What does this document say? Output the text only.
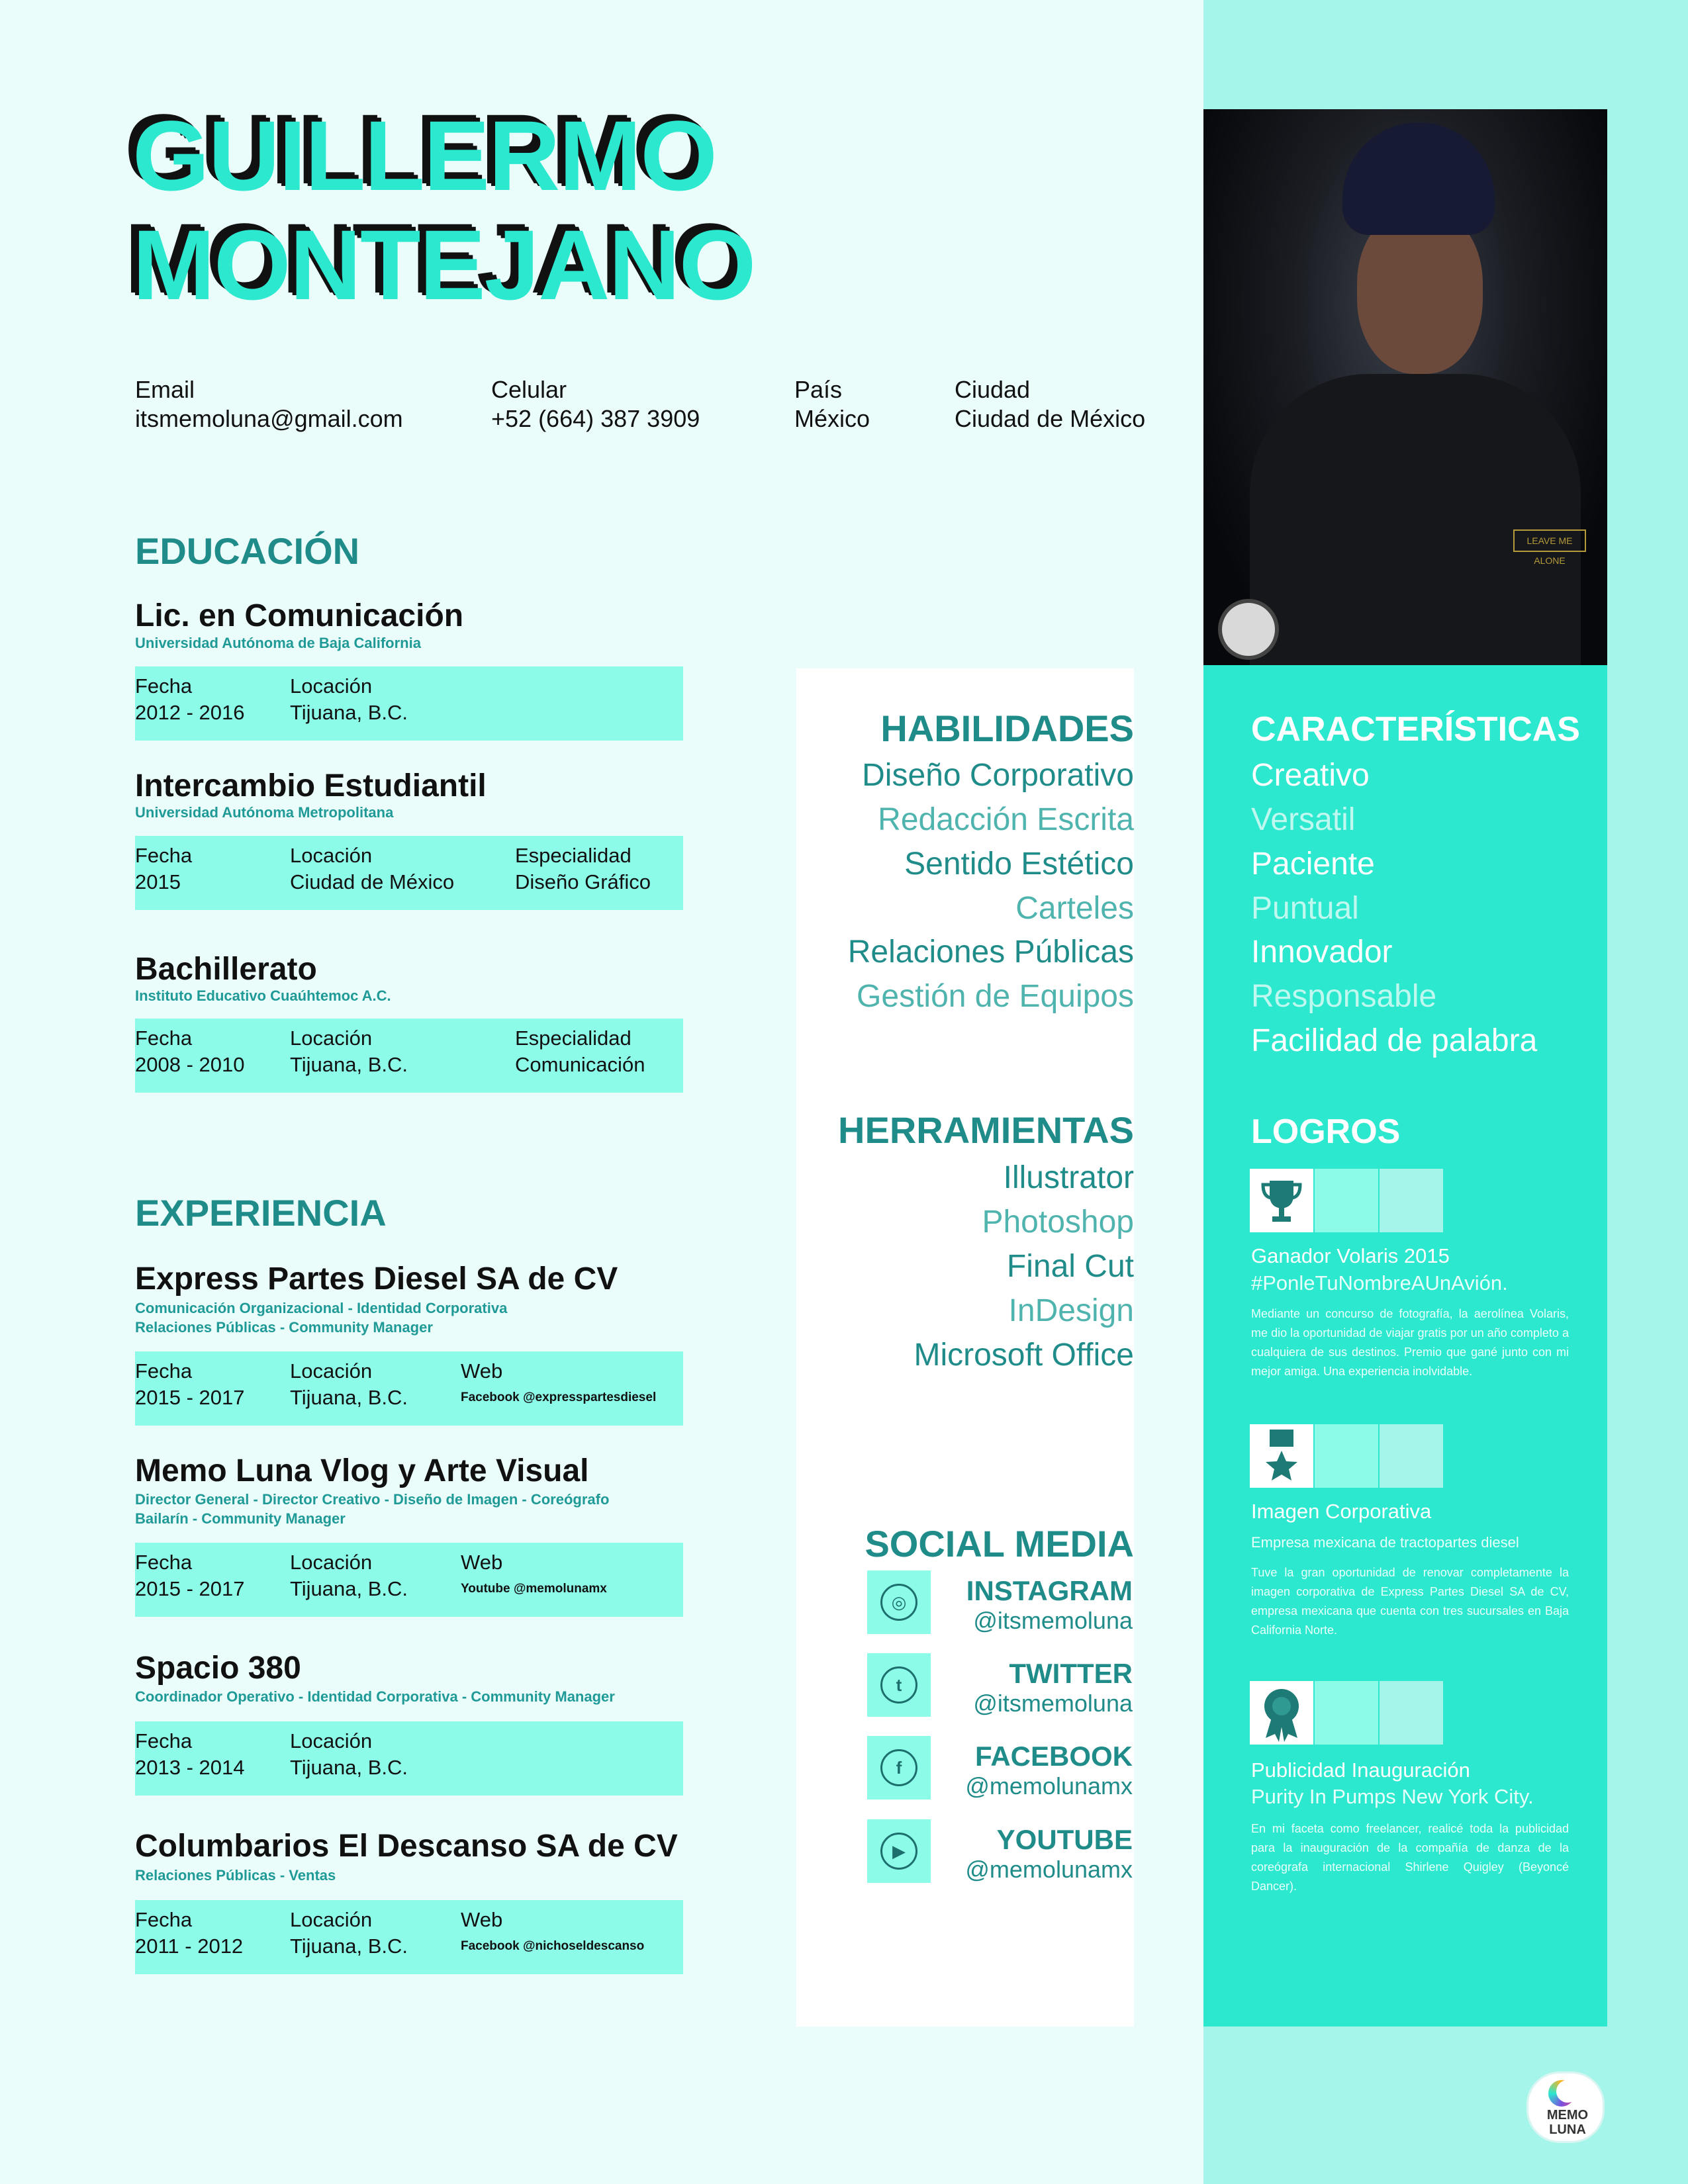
LEAVE ME ALONE
GUILLERMO
MONTEJANO
Email
itsmemoluna@gmail.com
Celular
+52 (664) 387 3909
País
México
Ciudad
Ciudad de México
EDUCACIÓN
Lic. en Comunicación
Universidad Autónoma de Baja California
Fecha
2012 - 2016
Locación
Tijuana, B.C.
Intercambio Estudiantil
Universidad Autónoma Metropolitana
Fecha
2015
Locación
Ciudad de México
Especialidad
Diseño Gráfico
Bachillerato
Instituto Educativo Cuaúhtemoc A.C.
Fecha
2008 - 2010
Locación
Tijuana, B.C.
Especialidad
Comunicación
EXPERIENCIA
Express Partes Diesel SA de CV
Comunicación Organizacional - Identidad Corporativa
Relaciones Públicas - Community Manager
Fecha
2015 - 2017
Locación
Tijuana, B.C.
Web
Facebook @expresspartesdiesel
Memo Luna Vlog y Arte Visual
Director General - Director Creativo - Diseño de Imagen - Coreógrafo
Bailarín - Community Manager
Fecha
2015 - 2017
Locación
Tijuana, B.C.
Web
Youtube @memolunamx
Spacio 380
Coordinador Operativo - Identidad Corporativa - Community Manager
Fecha
2013 - 2014
Locación
Tijuana, B.C.
Columbarios El Descanso SA de CV
Relaciones Públicas - Ventas
Fecha
2011 - 2012
Locación
Tijuana, B.C.
Web
Facebook @nichoseldescanso
HABILIDADES
Diseño Corporativo
Redacción Escrita
Sentido Estético
Carteles
Relaciones Públicas
Gestión de Equipos
HERRAMIENTAS
Illustrator
Photoshop
Final Cut
InDesign
Microsoft Office
SOCIAL MEDIA
◎
t
f
▶
INSTAGRAM
@itsmemoluna
TWITTER
@itsmemoluna
FACEBOOK
@memolunamx
YOUTUBE
@memolunamx
CARACTERÍSTICAS
Creativo
Versatil
Paciente
Puntual
Innovador
Responsable
Facilidad de palabra
LOGROS
Ganador Volaris 2015
#PonleTuNombreAUnAvión.
Mediante un concurso de fotografía, la aerolínea Volaris, me dio la oportunidad de viajar gratis por un año completo a cualquiera de sus destinos. Premio que gané junto con mi mejor amiga. Una experiencia inolvidable.
Imagen Corporativa
Empresa mexicana de tractopartes diesel
Tuve la gran oportunidad de renovar completamente la imagen corporativa de Express Partes Diesel SA de CV, empresa mexicana que cuenta con tres sucursales en Baja California Norte.
Publicidad Inauguración
Purity In Pumps New York City.
En mi faceta como freelancer, realicé toda la publicidad para la inauguración de la compañía de danza de la coreógrafa internacional Shirlene Quigley (Beyoncé Dancer).
MEMO
LUNA
